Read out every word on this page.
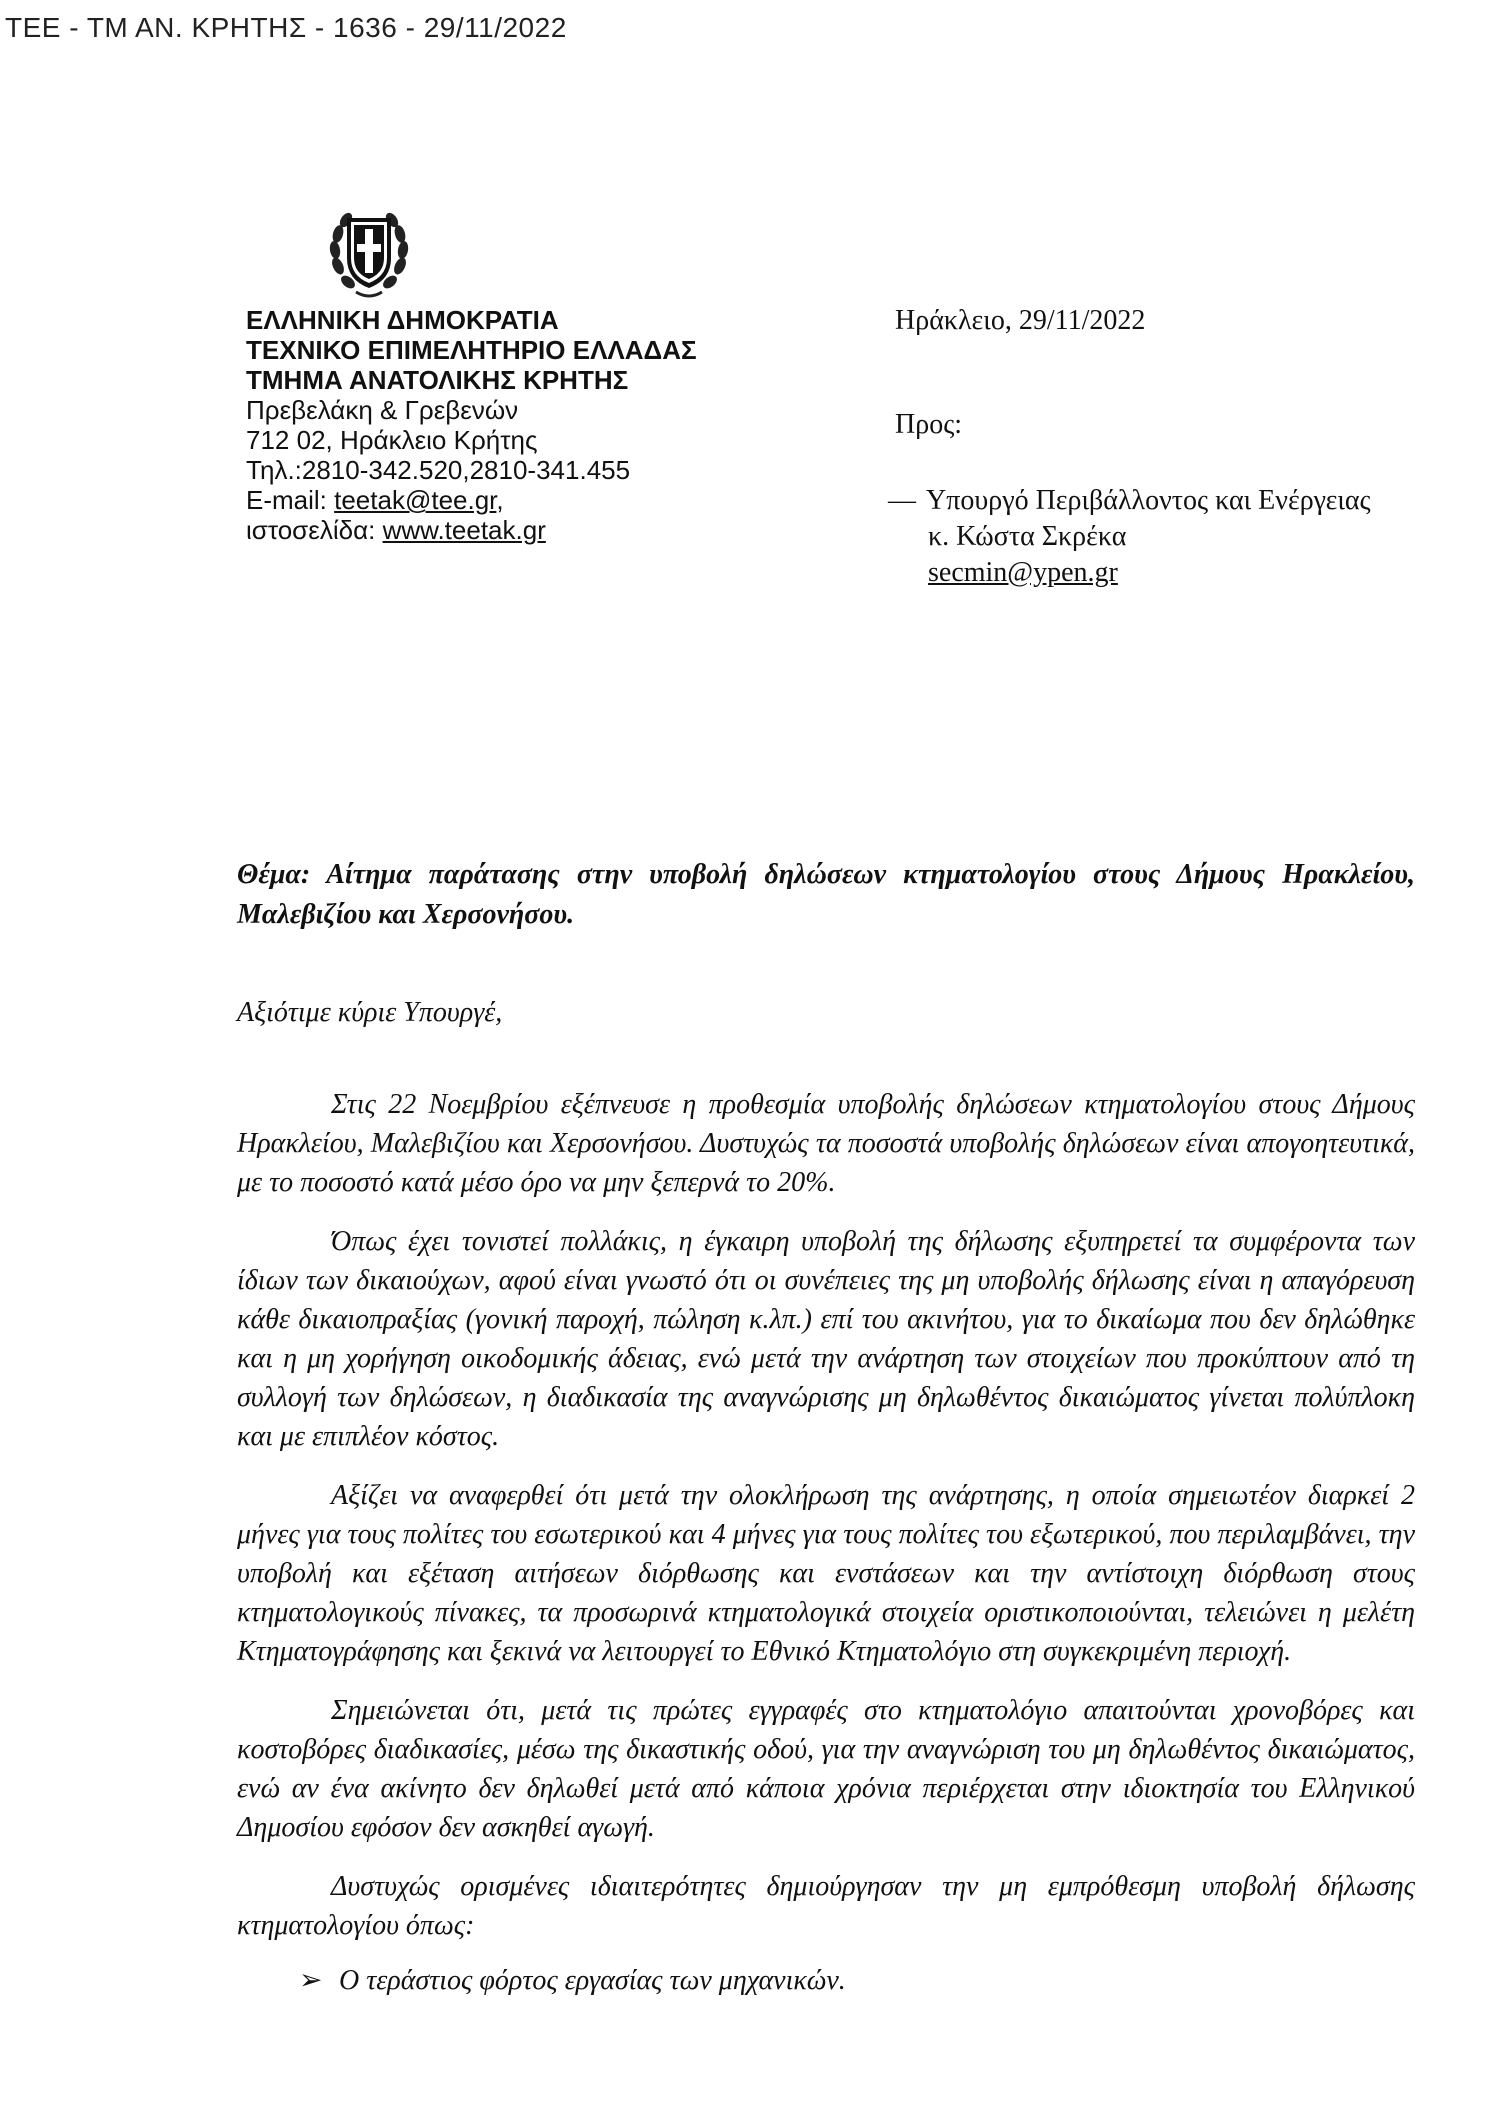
TEE - TM AN. ΚΡΗΤΗΣ - 1636 - 29/11/2022

ΕΛΛΗΝΙΚΗ ΔΗΜΟΚΡΑΤΙΑ
ΤΕΧΝΙΚΟ ΕΠΙΜΕΛΗΤΗΡΙΟ ΕΛΛΑΔΑΣ
ΤΜΗΜΑ ΑΝΑΤΟΛΙΚΗΣ ΚΡΗΤΗΣ
Πρεβελάκη & Γρεβενών
712 02, Ηράκλειο Κρήτης
Τηλ.:2810-342.520,2810-341.455
E-mail: teetak@tee.gr,
ιστοσελίδα: www.teetak.gr

Ηράκλειο, 29/11/2022

Προς:

— Υπουργό Περιβάλλοντος και Ενέργειας
κ. Κώστα Σκρέκα
secmin@ypen.gr

Θέμα: Αίτημα παράτασης στην υποβολή δηλώσεων κτηματολογίου στους Δήμους Ηρακλείου, Μαλεβιζίου και Χερσονήσου.

Αξιότιμε κύριε Υπουργέ,

Στις 22 Νοεμβρίου εξέπνευσε η προθεσμία υποβολής δηλώσεων κτηματολογίου στους Δήμους Ηρακλείου, Μαλεβιζίου και Χερσονήσου. Δυστυχώς τα ποσοστά υποβολής δηλώσεων είναι απογοητευτικά, με το ποσοστό κατά μέσο όρο να μην ξεπερνά το 20%.

Όπως έχει τονιστεί πολλάκις, η έγκαιρη υποβολή της δήλωσης εξυπηρετεί τα συμφέροντα των ίδιων των δικαιούχων, αφού είναι γνωστό ότι οι συνέπειες της μη υποβολής δήλωσης είναι η απαγόρευση κάθε δικαιοπραξίας (γονική παροχή, πώληση κ.λπ.) επί του ακινήτου, για το δικαίωμα που δεν δηλώθηκε και η μη χορήγηση οικοδομικής άδειας, ενώ μετά την ανάρτηση των στοιχείων που προκύπτουν από τη συλλογή των δηλώσεων, η διαδικασία της αναγνώρισης μη δηλωθέντος δικαιώματος γίνεται πολύπλοκη και με επιπλέον κόστος.

Αξίζει να αναφερθεί ότι μετά την ολοκλήρωση της ανάρτησης, η οποία σημειωτέον διαρκεί 2 μήνες για τους πολίτες του εσωτερικού και 4 μήνες για τους πολίτες του εξωτερικού, που περιλαμβάνει, την υποβολή και εξέταση αιτήσεων διόρθωσης και ενστάσεων και την αντίστοιχη διόρθωση στους κτηματολογικούς πίνακες, τα προσωρινά κτηματολογικά στοιχεία οριστικοποιούνται, τελειώνει η μελέτη Κτηματογράφησης και ξεκινά να λειτουργεί το Εθνικό Κτηματολόγιο στη συγκεκριμένη περιοχή.

Σημειώνεται ότι, μετά τις πρώτες εγγραφές στο κτηματολόγιο απαιτούνται χρονοβόρες και κοστοβόρες διαδικασίες, μέσω της δικαστικής οδού, για την αναγνώριση του μη δηλωθέντος δικαιώματος, ενώ αν ένα ακίνητο δεν δηλωθεί μετά από κάποια χρόνια περιέρχεται στην ιδιοκτησία του Ελληνικού Δημοσίου εφόσον δεν ασκηθεί αγωγή.

Δυστυχώς ορισμένες ιδιαιτερότητες δημιούργησαν την μη εμπρόθεσμη υποβολή δήλωσης κτηματολογίου όπως:

➢ Ο τεράστιος φόρτος εργασίας των μηχανικών.
